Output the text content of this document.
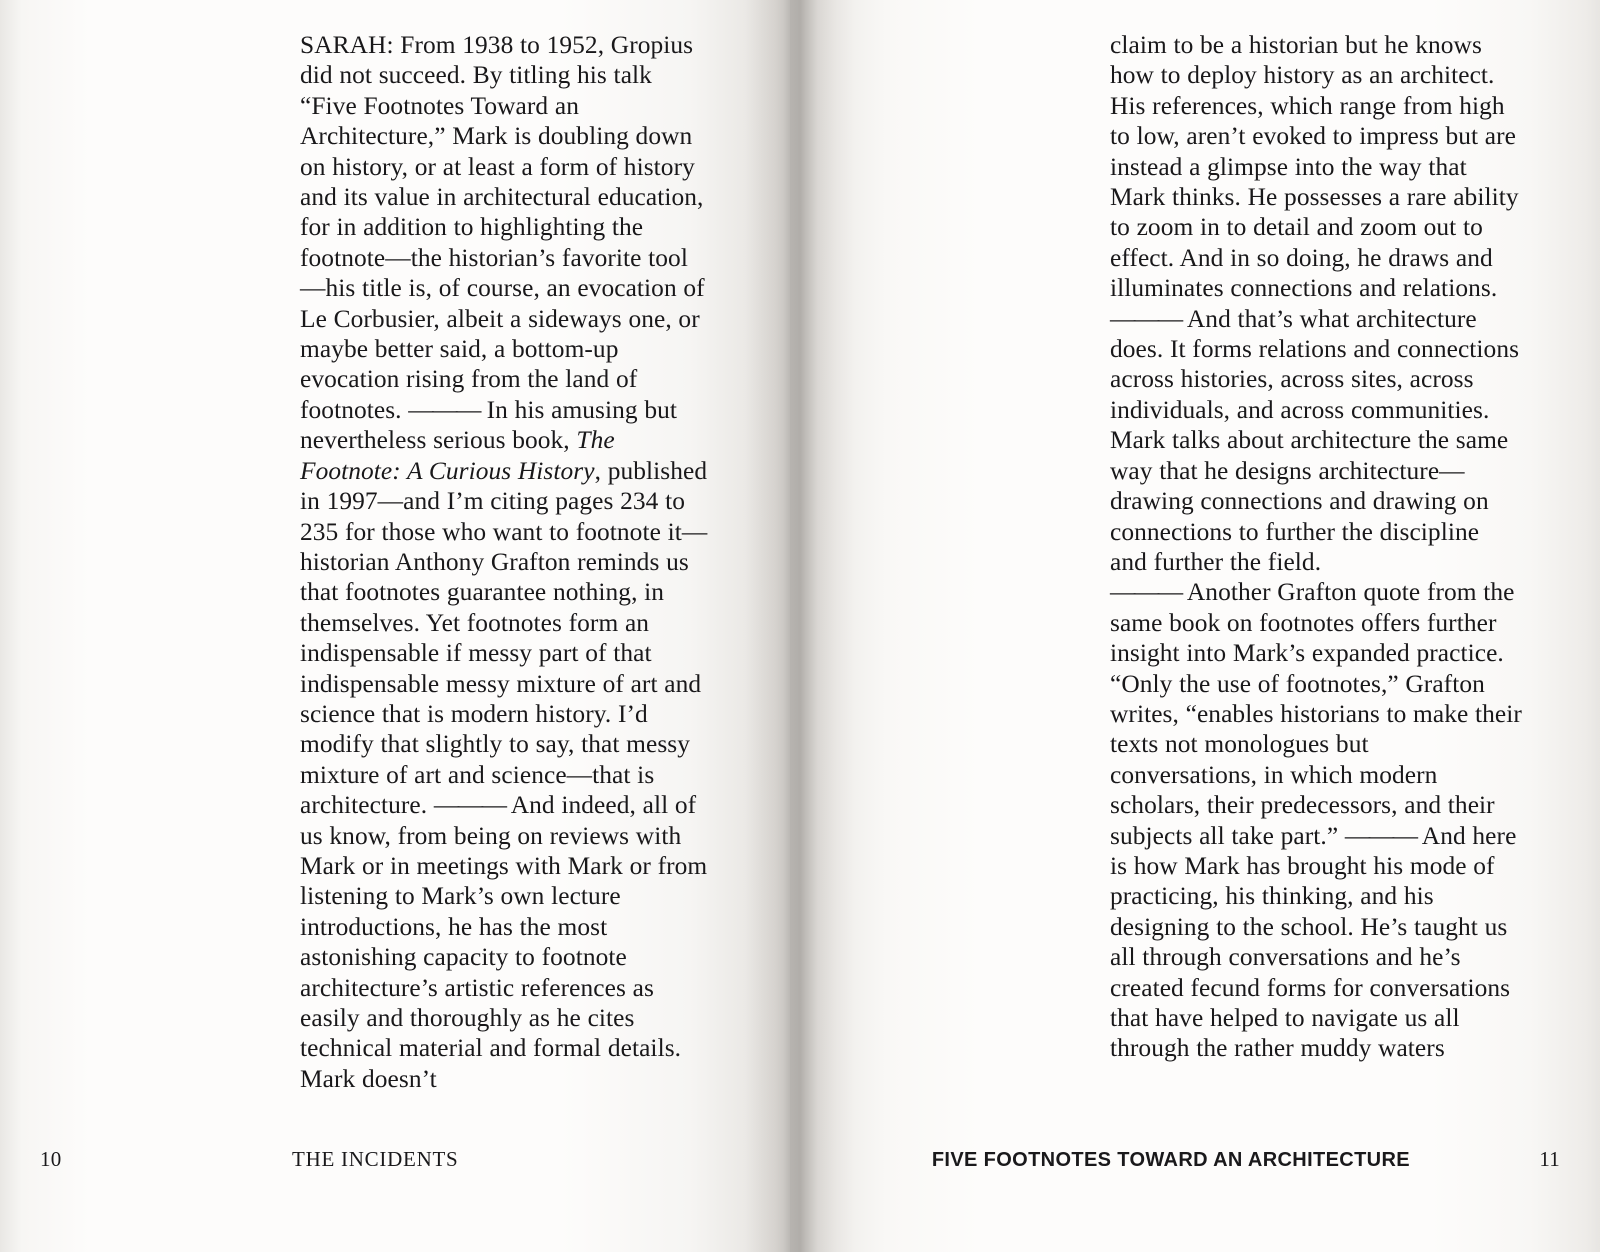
SARAH: From 1938 to 1952, Gropius did not succeed. By titling his talk “Five Footnotes Toward an Architecture,” Mark is doubling down on history, or at least a form of history and its value in architectural education, for in addition to highlighting the footnote—the historian’s favorite tool—his title is, of course, an evocation of Le Corbusier, albeit a sideways one, or maybe better said, a bottom-up evocation rising from the land of footnotes. ——— In his amusing but nevertheless serious book, The Footnote: A Curious History, published in 1997—and I’m citing pages 234 to 235 for those who want to footnote it—historian Anthony Grafton reminds us that footnotes guarantee nothing, in themselves. Yet footnotes form an indispensable if messy part of that indispensable messy mixture of art and science that is modern history. I’d modify that slightly to say, that messy mixture of art and science—that is architecture. ——— And indeed, all of us know, from being on reviews with Mark or in meetings with Mark or from listening to Mark’s own lecture introductions, he has the most astonishing capacity to footnote architecture’s artistic references as easily and thoroughly as he cites technical material and formal details. Mark doesn’t

claim to be a historian but he knows how to deploy history as an architect. His references, which range from high to low, aren’t evoked to impress but are instead a glimpse into the way that Mark thinks. He possesses a rare ability to zoom in to detail and zoom out to effect. And in so doing, he draws and illuminates connections and relations.

——— And that’s what architecture does. It forms relations and connections across histories, across sites, across individuals, and across communities. Mark talks about architecture the same way that he designs architecture—drawing connections and drawing on connections to further the discipline and further the field.

——— Another Grafton quote from the same book on footnotes offers further insight into Mark’s expanded practice. “Only the use of footnotes,” Grafton writes, “enables historians to make their texts not monologues but conversations, in which modern scholars, their predecessors, and their subjects all take part.” ——— And here is how Mark has brought his mode of practicing, his thinking, and his designing to the school. He’s taught us all through conversations and he’s created fecund forms for conversations that have helped to navigate us all through the rather muddy waters

10	THE INCIDENTS	FIVE FOOTNOTES TOWARD AN ARCHITECTURE	11
